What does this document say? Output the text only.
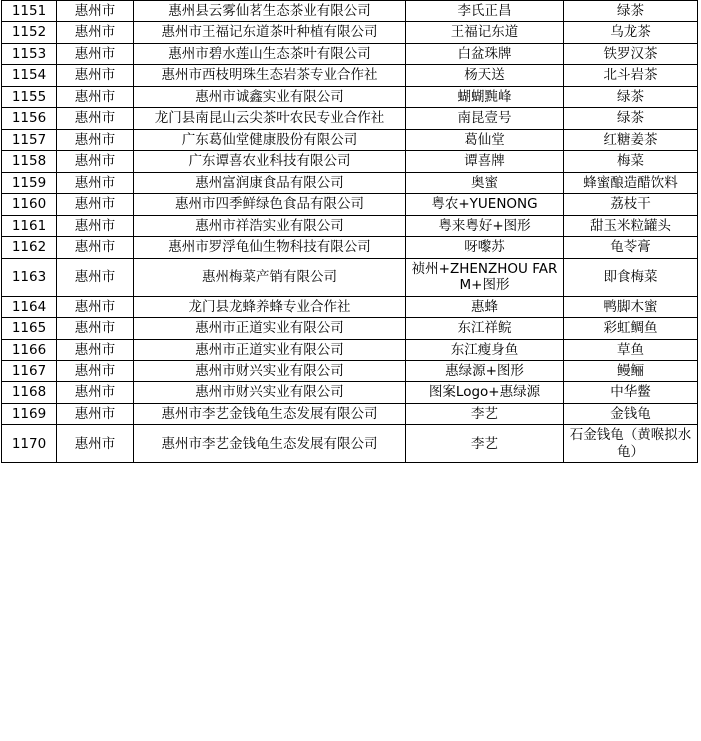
1151	惠州市	惠州县云雾仙茗生态茶业有限公司	李氏正昌	绿茶
1152	惠州市	惠州市王福记东道茶叶种植有限公司	王福记东道	乌龙茶
1153	惠州市	惠州市碧水莲山生态茶叶有限公司	白盆珠牌	铁罗汉茶
1154	惠州市	惠州市西枝明珠生态岩茶专业合作社	杨天送	北斗岩茶
1155	惠州市	惠州市诚鑫实业有限公司	蝴蝴黗峰	绿茶
1156	惠州市	龙门县南昆山云尖茶叶农民专业合作社	南昆壹号	绿茶
1157	惠州市	广东葛仙堂健康股份有限公司	葛仙堂	红糖姜茶
1158	惠州市	广东谭喜农业科技有限公司	谭喜牌	梅菜
1159	惠州市	惠州富润康食品有限公司	奥蜜	蜂蜜酿造醋饮料
1160	惠州市	惠州市四季鲜绿色食品有限公司	粤农+YUENONG	荔枝干
1161	惠州市	惠州市祥浩实业有限公司	粤来粤好+图形	甜玉米粒罐头
1162	惠州市	惠州市罗浮龟仙生物科技有限公司	呀嚟苏	龟苓膏
1163	惠州市	惠州梅菜产销有限公司	祯州+ZHENZHOU FARM+图形	即食梅菜
1164	惠州市	龙门县龙蜂养蜂专业合作社	惠蜂	鸭脚木蜜
1165	惠州市	惠州市正道实业有限公司	东江祥鲩	彩虹鲷鱼
1166	惠州市	惠州市正道实业有限公司	东江瘦身鱼	草鱼
1167	惠州市	惠州市财兴实业有限公司	惠绿源+图形	鳗鲡
1168	惠州市	惠州市财兴实业有限公司	图案Logo+惠绿源	中华鳖
1169	惠州市	惠州市李艺金钱龟生态发展有限公司	李艺	金钱龟
1170	惠州市	惠州市李艺金钱龟生态发展有限公司	李艺	石金钱龟（黄喉拟水龟）
